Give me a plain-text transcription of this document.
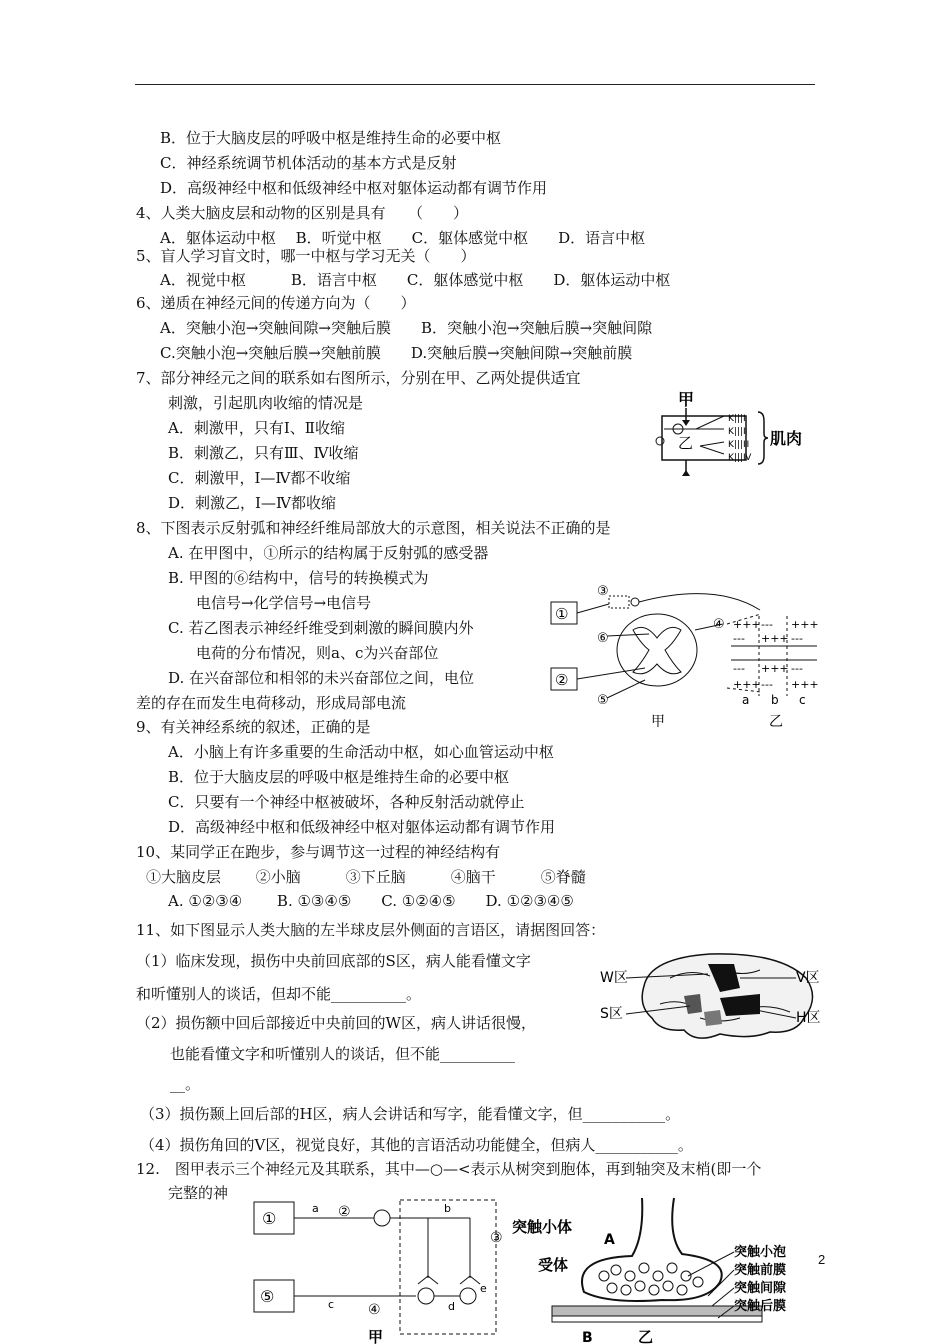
B．位于大脑皮层的呼吸中枢是维持生命的必要中枢
C．神经系统调节机体活动的基本方式是反射
D．高级神经中枢和低级神经中枢对躯体运动都有调节作用
4、人类大脑皮层和动物的区别是具有　　（　　）
A．躯体运动中枢　 B．听觉中枢　　C．躯体感觉中枢　　D．语言中枢
5、盲人学习盲文时，哪一中枢与学习无关（　　）
A．视觉中枢　　　B．语言中枢　　C．躯体感觉中枢　　D．躯体运动中枢
6、递质在神经元间的传递方向为（　　）
A．突触小泡→突触间隙→突触后膜　　B．突触小泡→突触后膜→突触间隙
C.突触小泡→突触后膜→突触前膜　　D.突触后膜→突触间隙→突触前膜
7、部分神经元之间的联系如右图所示，分别在甲、乙两处提供适宜
刺激，引起肌肉收缩的情况是
A．刺激甲，只有Ⅰ、Ⅱ收缩
B．刺激乙，只有Ⅲ、Ⅳ收缩
C．刺激甲，Ⅰ—Ⅳ都不收缩
D．刺激乙，Ⅰ—Ⅳ都收缩
8、下图表示反射弧和神经纤维局部放大的示意图，相关说法不正确的是
A. 在甲图中，①所示的结构属于反射弧的感受器
B. 甲图的⑥结构中，信号的转换模式为
电信号→化学信号→电信号
C. 若乙图表示神经纤维受到刺激的瞬间膜内外
电荷的分布情况，则a、c为兴奋部位
D. 在兴奋部位和相邻的未兴奋部位之间，电位
差的存在而发生电荷移动，形成局部电流
9、有关神经系统的叙述，正确的是
A．小脑上有许多重要的生命活动中枢，如心血管运动中枢
B．位于大脑皮层的呼吸中枢是维持生命的必要中枢
C．只要有一个神经中枢被破坏，各种反射活动就停止
D．高级神经中枢和低级神经中枢对躯体运动都有调节作用
10、某同学正在跑步，参与调节这一过程的神经结构有
①大脑皮层　　 ②小脑　　　③下丘脑　　　④脑干　　　⑤脊髓
A. ①②③④　　 B. ①③④⑤　　C. ①②④⑤　　D. ①②③④⑤
11、如下图显示人类大脑的左半球皮层外侧面的言语区，请据图回答：
（1）临床发现，损伤中央前回底部的S区，病人能看懂文字
和听懂别人的谈话，但却不能__________。
（2）损伤额中回后部接近中央前回的W区，病人讲话很慢，
也能看懂文字和听懂别人的谈话，但不能__________
__。
（3）损伤颞上回后部的H区，病人会讲话和写字，能看懂文字，但___________。
（4）损伤角回的V区，视觉良好，其他的言语活动功能健全，但病人___________。
12.　图甲表示三个神经元及其联系，其中—○—<表示从树突到胞体，再到轴突及末梢(即一个
完整的神
甲
乙
K|||Ⅰ
K|||Ⅱ
K|||Ⅲ
K|||Ⅳ
肌肉
①
②
③
⑥
④
⑤
+++
---
---
+++
---
+++
+++
---
+++
---
---
+++
a b c
甲	乙
W区
S区
V区
H区
①
a ②	b
③
⑤	c ④	d
e
甲
突触小体
A
受体
B
突触小泡
突触前膜
突触间隙
突触后膜
乙
2
